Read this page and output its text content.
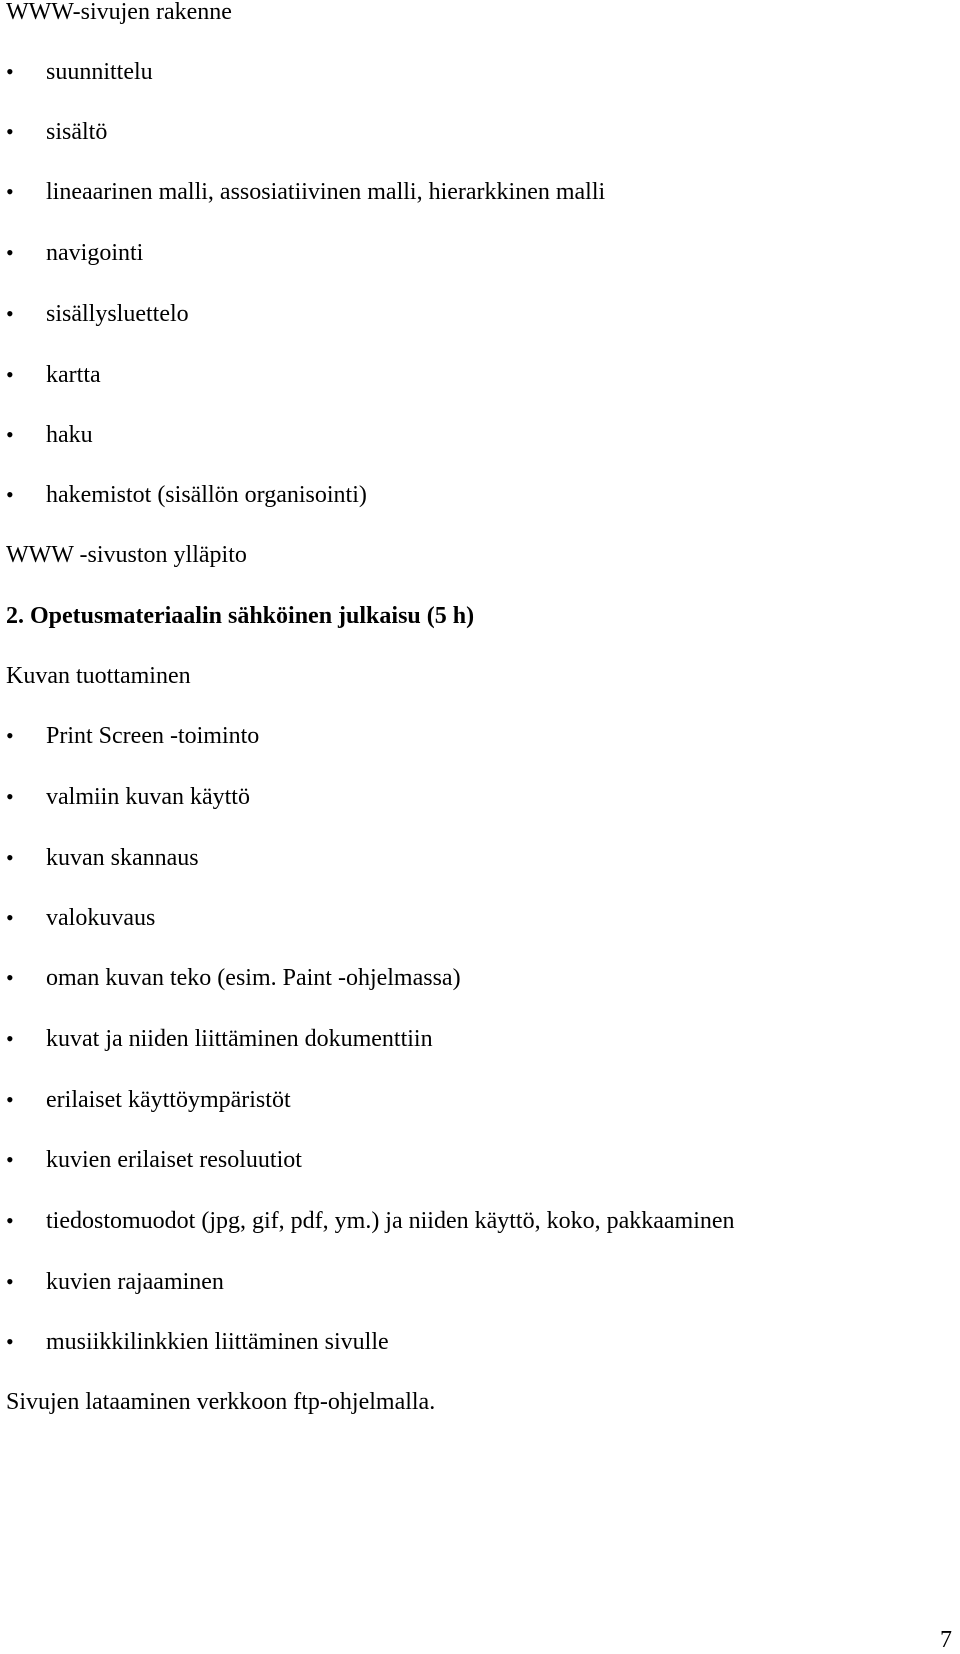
WWW-sivujen rakenne
• suunnittelu
• sisältö
• lineaarinen malli, assosiatiivinen malli, hierarkkinen malli
• navigointi
• sisällysluettelo
• kartta
• haku
• hakemistot (sisällön organisointi)
WWW -sivuston ylläpito
2. Opetusmateriaalin sähköinen julkaisu (5 h)
Kuvan tuottaminen
• Print Screen -toiminto
• valmiin kuvan käyttö
• kuvan skannaus
• valokuvaus
• oman kuvan teko (esim. Paint -ohjelmassa)
• kuvat ja niiden liittäminen dokumenttiin
• erilaiset käyttöympäristöt
• kuvien erilaiset resoluutiot
• tiedostomuodot (jpg, gif, pdf, ym.) ja niiden käyttö, koko, pakkaaminen
• kuvien rajaaminen
• musiikkilinkkien liittäminen sivulle
Sivujen lataaminen verkkoon ftp-ohjelmalla.
7
